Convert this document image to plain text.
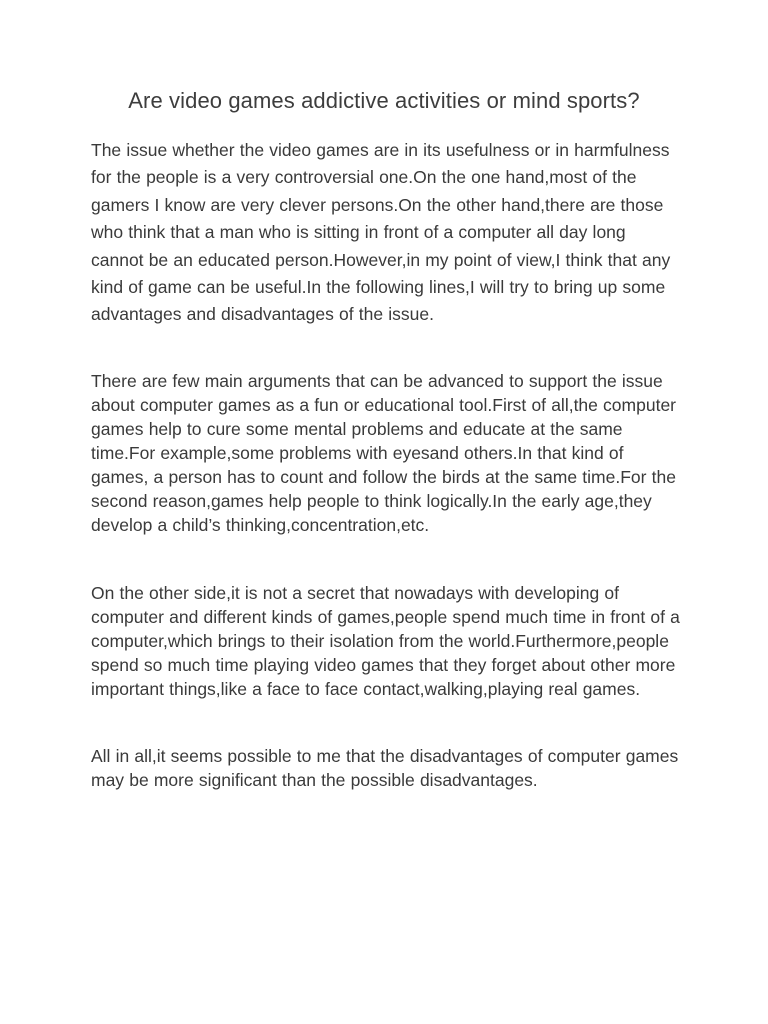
Are video games addictive activities or mind sports?

The issue whether the video games are in its usefulness or in harmfulness for the people is a very controversial one.On the one hand,most of the gamers I know are very clever persons.On the other hand,there are those who think that a man who is sitting in front of a computer all day long cannot be an educated person.However,in my point of view,I think that any kind of game can be useful.In the following lines,I will try to bring up some advantages and disadvantages of the issue.

There are few main arguments that can be advanced to support the issue about computer games as a fun or educational tool.First of all,the computer games help to cure some mental problems and educate at the same time.For example,some problems with eyesand others.In that kind of games, a person has to count and follow the birds at the same time.For the second reason,games help people to think logically.In the early age,they develop a child’s thinking,concentration,etc.

On the other side,it is not a secret that nowadays with developing of computer and different kinds of games,people spend much time in front of a computer,which brings to their isolation from the world.Furthermore,people spend so much time playing video games that they forget about other more important things,like a face to face contact,walking,playing real games.

All in all,it seems possible to me that the disadvantages of computer games may be more significant than the possible disadvantages.
